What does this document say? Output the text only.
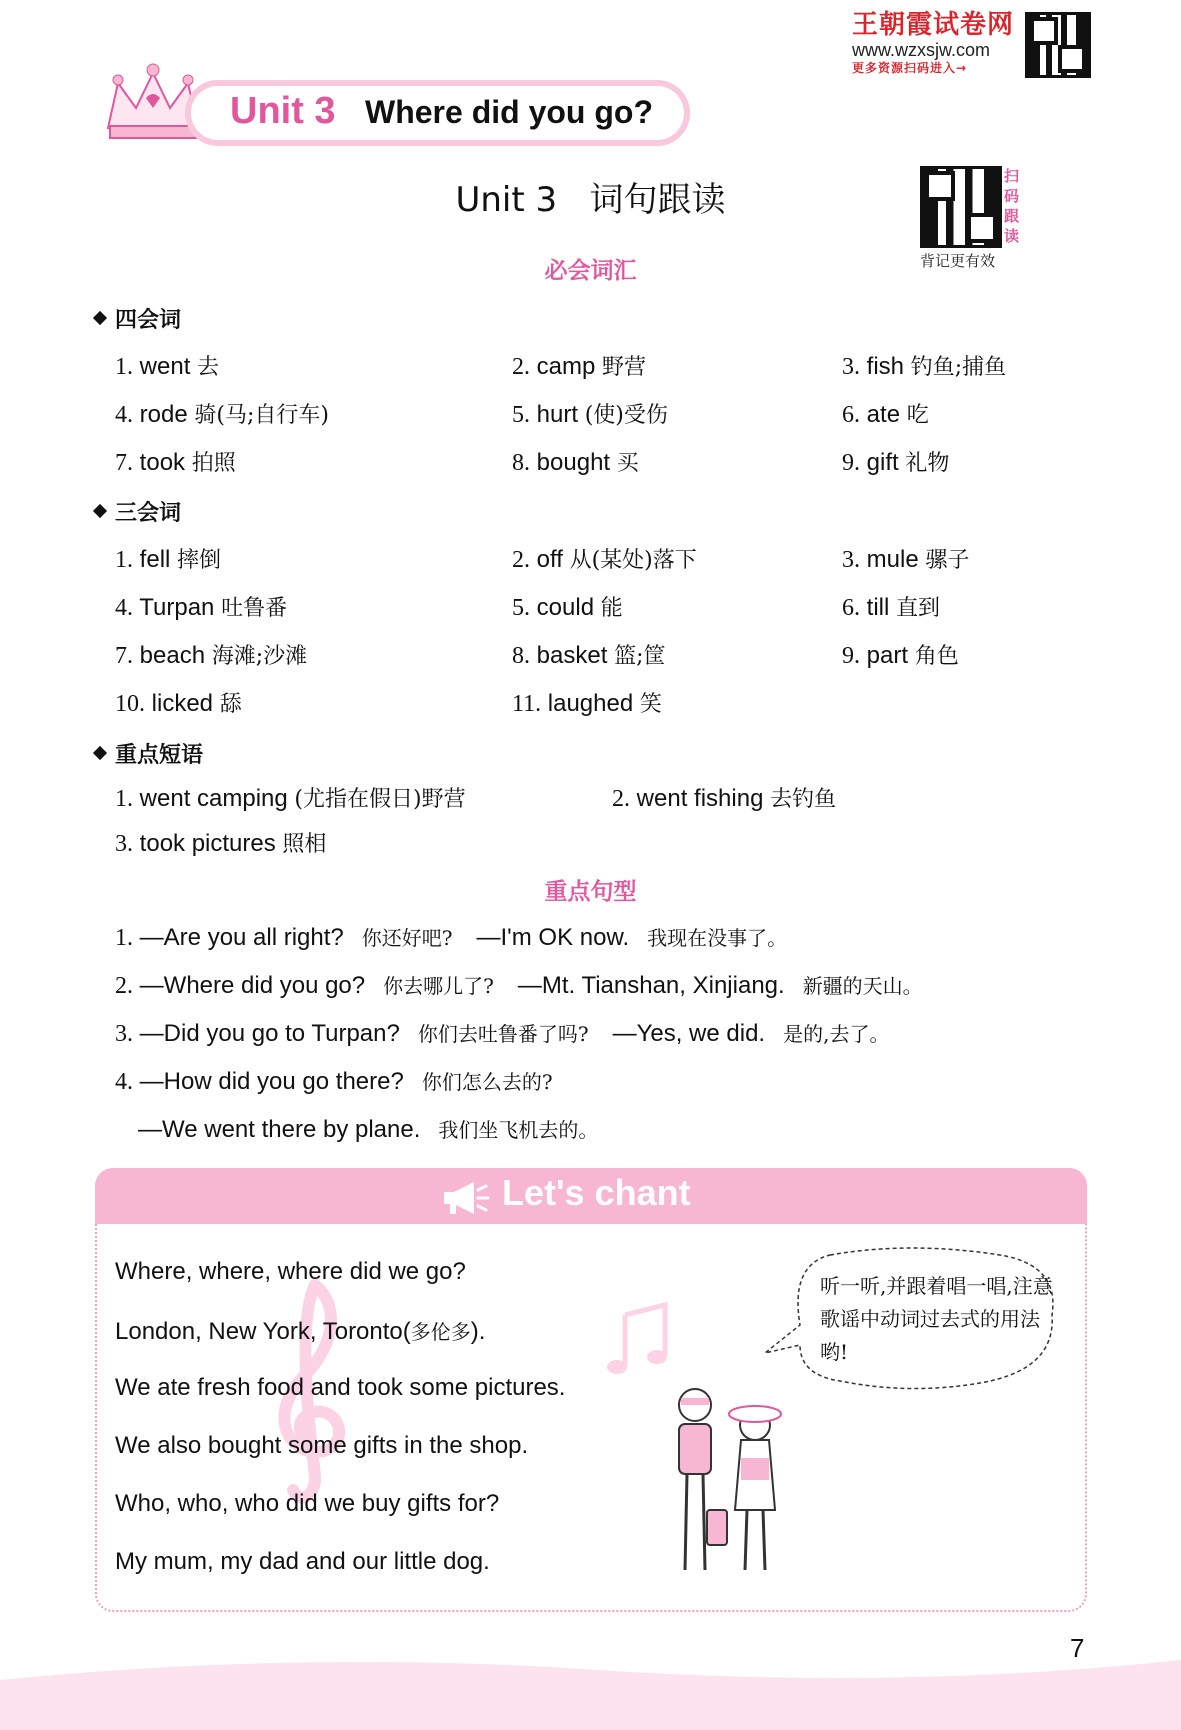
王朝霞试卷网
www.wzxsjw.com
更多资源扫码进入→
Unit 3 Where did you go?
Unit 3   词句跟读
扫
码
跟
读
背记更有效
必会词汇
四会词
1. went 去	2. camp 野营	3. fish 钓鱼;捕鱼
4. rode 骑(马;自行车)	5. hurt (使)受伤	6. ate 吃
7. took 拍照	8. bought 买	9. gift 礼物
三会词
1. fell 摔倒	2. off 从(某处)落下	3. mule 骡子
4. Turpan 吐鲁番	5. could 能	6. till 直到
7. beach 海滩;沙滩	8. basket 篮;筐	9. part 角色
10. licked 舔	11. laughed 笑
重点短语
1. went camping (尤指在假日)野营	2. went fishing 去钓鱼
3. took pictures 照相
重点句型
1. —Are you all right? 你还好吧? —I'm OK now. 我现在没事了。
2. —Where did you go? 你去哪儿了? —Mt. Tianshan, Xinjiang. 新疆的天山。
3. —Did you go to Turpan? 你们去吐鲁番了吗? —Yes, we did. 是的,去了。
4. —How did you go there? 你们怎么去的?
—We went there by plane. 我们坐飞机去的。
Let's chant
Where, where, where did we go?
London, New York, Toronto(多伦多).
We ate fresh food and took some pictures.
We also bought some gifts in the shop.
Who, who, who did we buy gifts for?
My mum, my dad and our little dog.
听一听,并跟着唱一唱,注意歌谣中动词过去式的用法哟!
7
